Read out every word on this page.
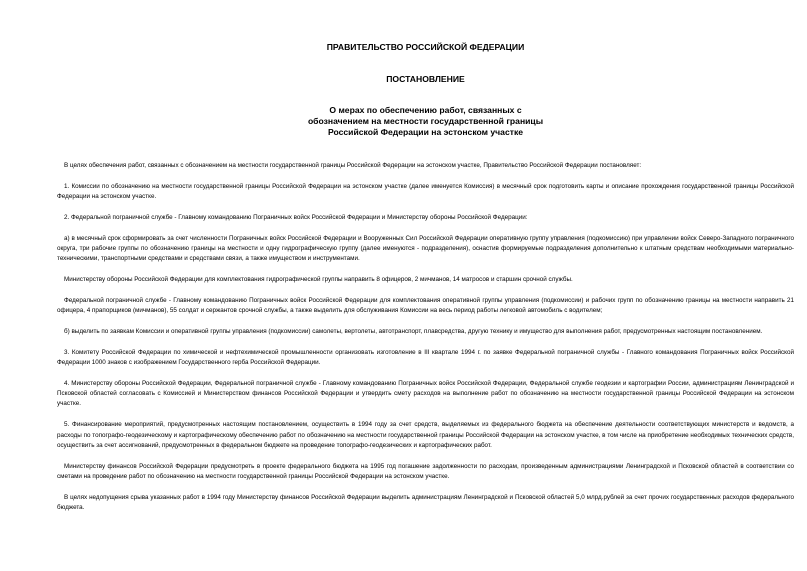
ПРАВИТЕЛЬСТВО РОССИЙСКОЙ ФЕДЕРАЦИИ

ПОСТАНОВЛЕНИЕ

О мерах по обеспечению работ, связанных с
обозначением на местности государственной границы
Российской Федерации на эстонском участке

В целях обеспечения работ, связанных с обозначением на местности государственной границы Российской Федерации на эстонском участке, Правительство Российской Федерации постановляет:

1. Комиссии по обозначению на местности государственной границы Российской Федерации на эстонском участке (далее именуется Комиссия) в месячный срок подготовить карты и описание прохождения государственной границы Российской Федерации на эстонском участке.

2. Федеральной пограничной службе - Главному командованию Пограничных войск Российской Федерации и Министерству обороны Российской Федерации:

а) в месячный срок сформировать за счет численности Пограничных войск Российской Федерации и Вооруженных Сил Российской Федерации оперативную группу управления (подкомиссию) при управлении войск Северо-Западного пограничного округа, три рабочие группы по обозначению границы на местности и одну гидрографическую группу (далее именуются - подразделения), оснастив формируемые подразделения дополнительно к штатным средствам необходимыми материально-техническими, транспортными средствами и средствами связи, а также имуществом и инструментами.

Министерству обороны Российской Федерации для комплектования гидрографической группы направить 8 офицеров, 2 мичманов, 14 матросов и старшин срочной службы.

Федеральной пограничной службе - Главному командованию Пограничных войск Российской Федерации для комплектования оперативной группы управления (подкомиссии) и рабочих групп по обозначению границы на местности направить 21 офицера, 4 прапорщиков (мичманов), 55 солдат и сержантов срочной службы, а также выделить для обслуживания Комиссии на весь период работы легковой автомобиль с водителем;

б) выделить по заявкам Комиссии и оперативной группы управления (подкомиссии) самолеты, вертолеты, автотранспорт, плавсредства, другую технику и имущество для выполнения работ, предусмотренных настоящим постановлением.

3. Комитету Российской Федерации по химической и нефтехимической промышленности организовать изготовление в III квартале 1994 г. по заявке Федеральной пограничной службы - Главного командования Пограничных войск Российской Федерации 1000 знаков с изображением Государственного герба Российской Федерации.

4. Министерству обороны Российской Федерации, Федеральной пограничной службе - Главному командованию Пограничных войск Российской Федерации, Федеральной службе геодезии и картографии России, администрациям Ленинградской и Псковской областей согласовать с Комиссией и Министерством финансов Российской Федерации и утвердить смету расходов на выполнение работ по обозначению на местности государственной границы Российской Федерации на эстонском участке.

5. Финансирование мероприятий, предусмотренных настоящим постановлением, осуществить в 1994 году за счет средств, выделяемых из федерального бюджета на обеспечение деятельности соответствующих министерств и ведомств, а расходы по топографо-геодезическому и картографическому обеспечению работ по обозначению на местности государственной границы Российской Федерации на эстонском участке, в том числе на приобретение необходимых технических средств, осуществить за счет ассигнований, предусмотренных в федеральном бюджете на проведение топографо-геодезических и картографических работ.

Министерству финансов Российской Федерации предусмотреть в проекте федерального бюджета на 1995 год погашение задолженности по расходам, произведенным администрациями Ленинградской и Псковской областей в соответствии со сметами на проведение работ по обозначению на местности государственной границы Российской Федерации на эстонском участке.

В целях недопущения срыва указанных работ в 1994 году Министерству финансов Российской Федерации выделить администрациям Ленинградской и Псковской областей 5,0 млрд.рублей за счет прочих государственных расходов федерального бюджета.
